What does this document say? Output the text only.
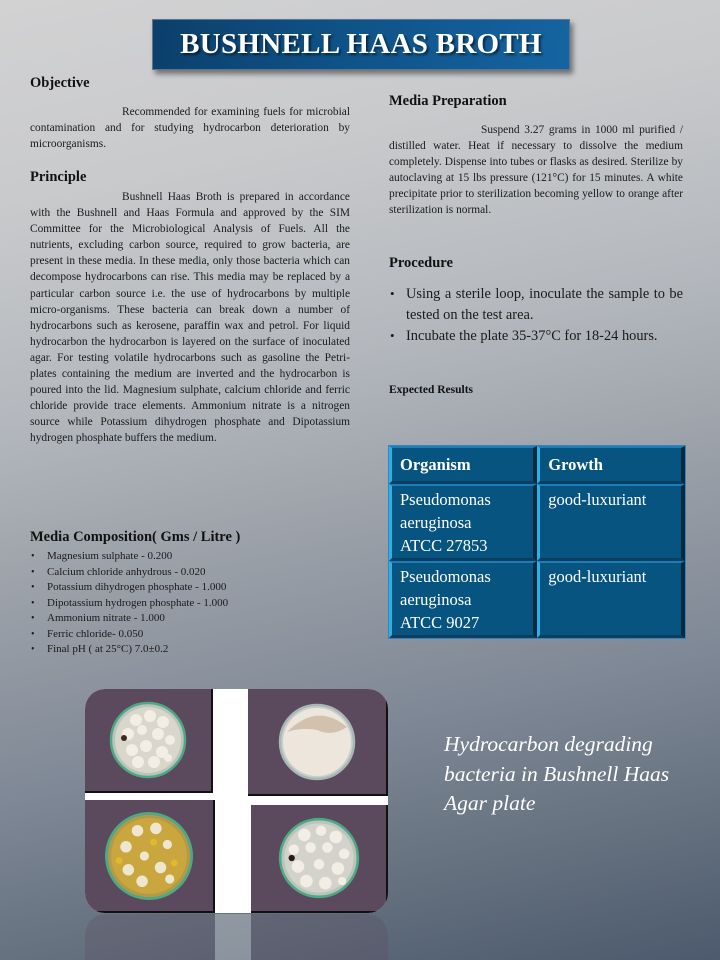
BUSHNELL HAAS BROTH
Objective

Recommended for examining fuels for microbial contamination and for studying hydrocarbon deterioration by microorganisms.

Principle

Bushnell Haas Broth is prepared in accordance with the Bushnell and Haas Formula and approved by the SIM Committee for the Microbiological Analysis of Fuels. All the nutrients, excluding carbon source, required to grow bacteria, are present in these media. In these media, only those bacteria which can decompose hydrocarbons can rise. This media may be replaced by a particular carbon source i.e. the use of hydrocarbons by multiple micro-organisms. These bacteria can break down a number of hydrocarbons such as kerosene, paraffin wax and petrol. For liquid hydrocarbon the hydrocarbon is layered on the surface of inoculated agar. For testing volatile hydrocarbons such as gasoline the Petri-plates containing the medium are inverted and the hydrocarbon is poured into the lid. Magnesium sulphate, calcium chloride and ferric chloride provide trace elements. Ammonium nitrate is a nitrogen source while Potassium dihydrogen phosphate and Dipotassium hydrogen phosphate buffers the medium.

Media Composition( Gms / Litre )
• Magnesium sulphate - 0.200
• Calcium chloride anhydrous - 0.020
• Potassium dihydrogen phosphate - 1.000
• Dipotassium hydrogen phosphate - 1.000
• Ammonium nitrate - 1.000
• Ferric chloride- 0.050
• Final pH ( at 25°C) 7.0±0.2
Media Preparation

Suspend 3.27 grams in 1000 ml purified / distilled water. Heat if necessary to dissolve the medium completely. Dispense into tubes or flasks as desired. Sterilize by autoclaving at 15 lbs pressure (121°C) for 15 minutes. A white precipitate prior to sterilization becoming yellow to orange after sterilization is normal.

Procedure
• Using a sterile loop, inoculate the sample to be tested on the test area.
• Incubate the plate 35-37°C for 18-24 hours.
Expected Results
Organism	Growth

Pseudomonas
aeruginosa
ATCC 27853	good-luxuriant

Pseudomonas
aeruginosa
ATCC 9027	good-luxuriant

Hydrocarbon degrading bacteria in Bushnell Haas Agar plate
